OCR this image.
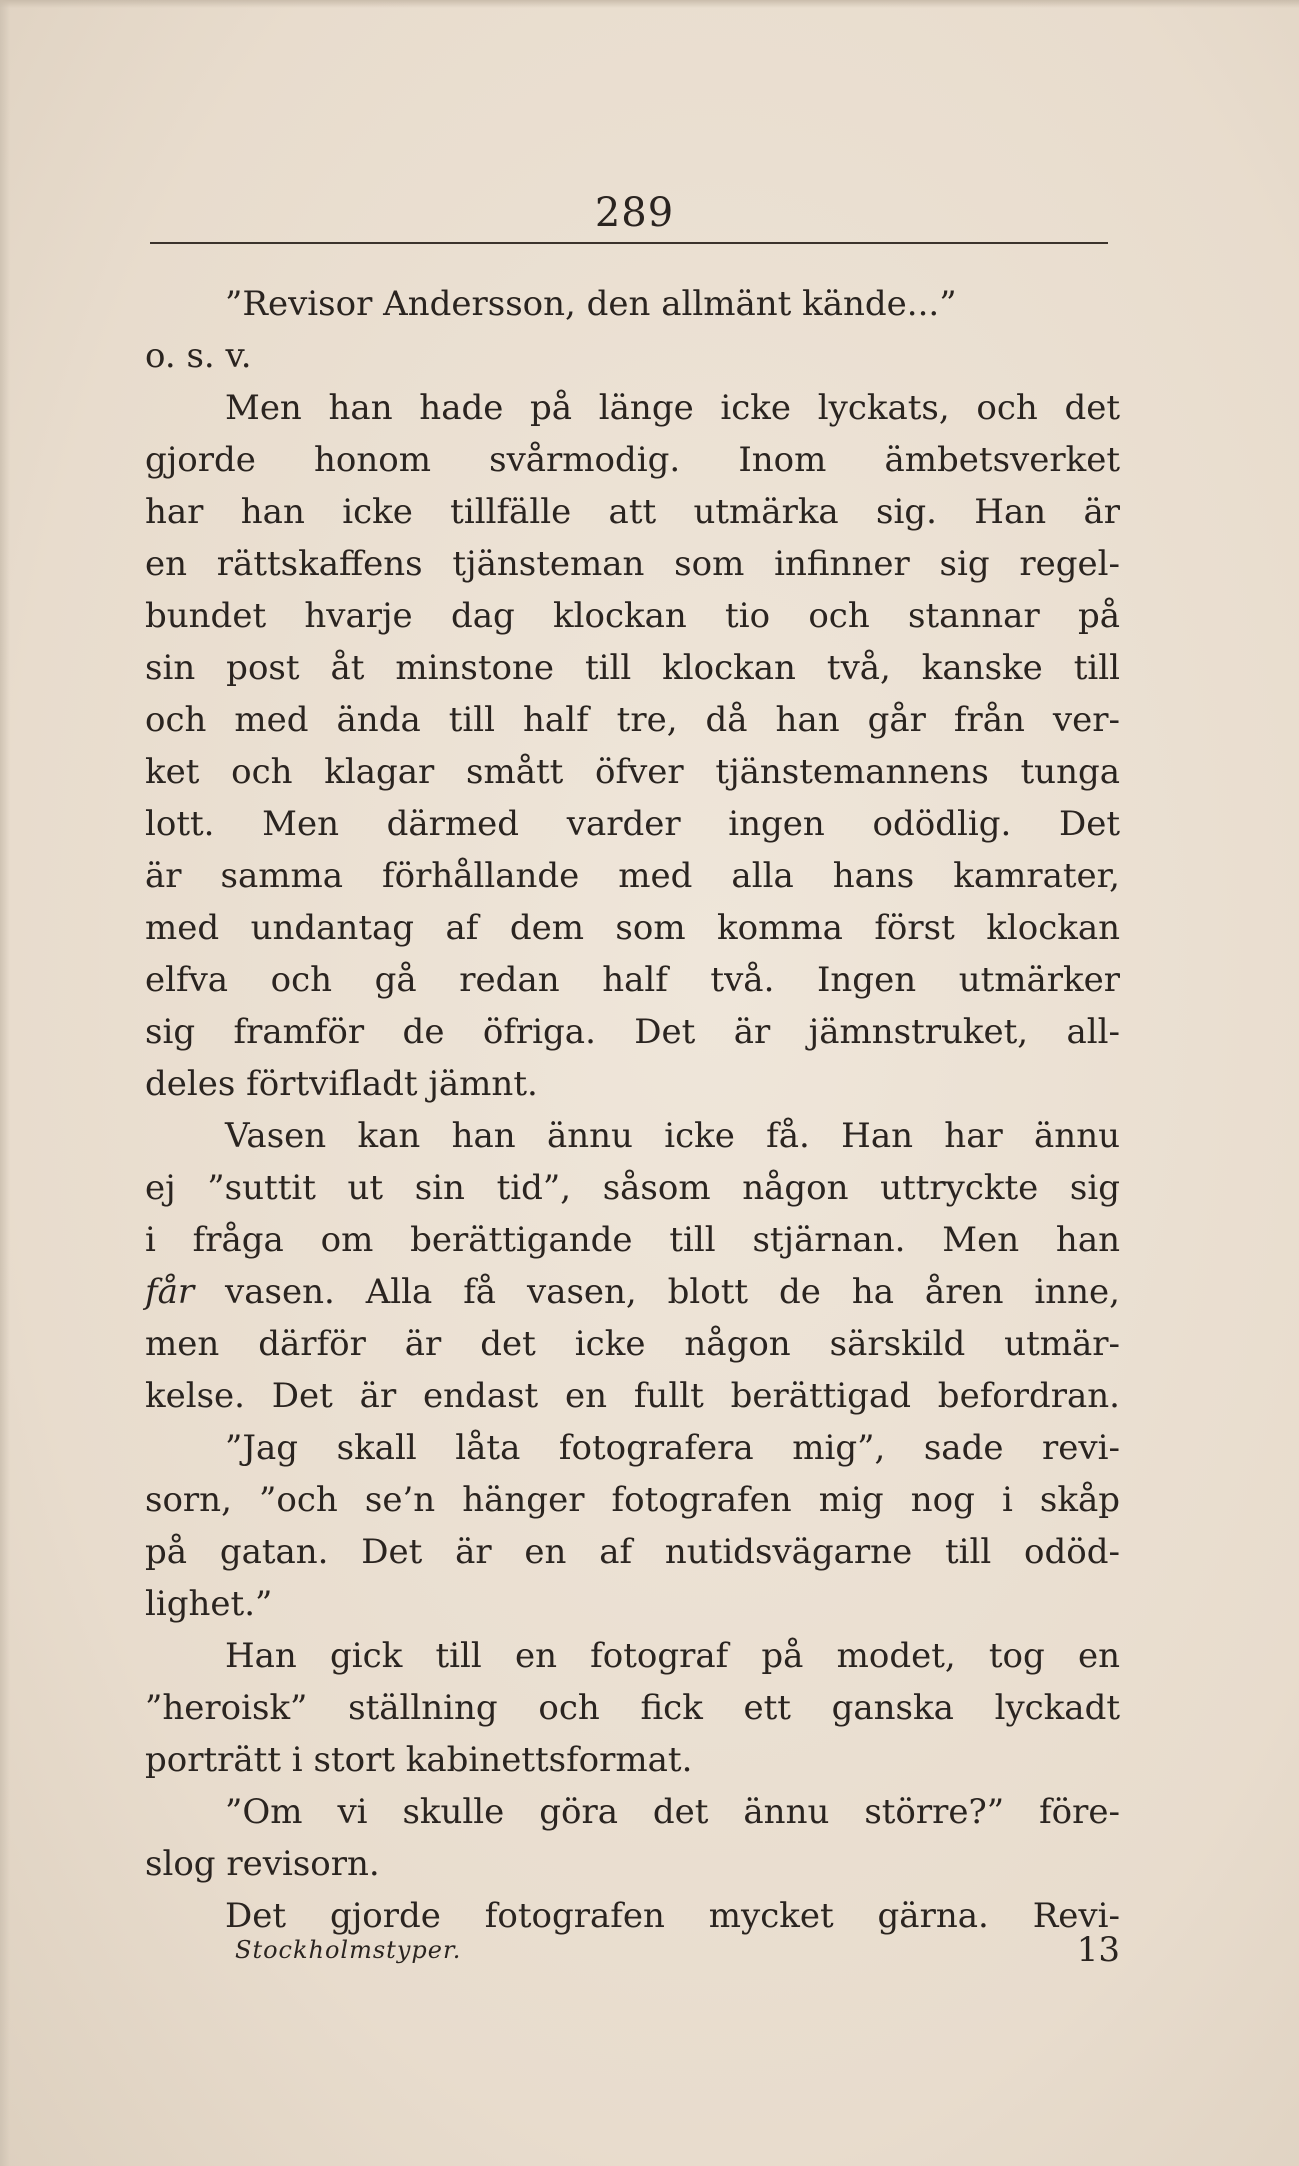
289
”Revisor Andersson, den allmänt kände...”
o. s. v.
Men han hade på länge icke lyckats, och det
gjorde honom svårmodig. Inom ämbetsverket
har han icke tillfälle att utmärka sig. Han är
en rättskaffens tjänsteman som infinner sig regel-
bundet hvarje dag klockan tio och stannar på
sin post åt minstone till klockan två, kanske till
och med ända till half tre, då han går från ver-
ket och klagar smått öfver tjänstemannens tunga
lott. Men därmed varder ingen odödlig. Det
är samma förhållande med alla hans kamrater,
med undantag af dem som komma först klockan
elfva och gå redan half två. Ingen utmärker
sig framför de öfriga. Det är jämnstruket, all-
deles förtvifladt jämnt.
Vasen kan han ännu icke få. Han har ännu
ej ”suttit ut sin tid”, såsom någon uttryckte sig
i fråga om berättigande till stjärnan. Men han
får vasen. Alla få vasen, blott de ha åren inne,
men därför är det icke någon särskild utmär-
kelse. Det är endast en fullt berättigad befordran.
”Jag skall låta fotografera mig”, sade revi-
sorn, ”och se’n hänger fotografen mig nog i skåp
på gatan. Det är en af nutidsvägarne till odöd-
lighet.”
Han gick till en fotograf på modet, tog en
”heroisk” ställning och fick ett ganska lyckadt
porträtt i stort kabinettsformat.
”Om vi skulle göra det ännu större?” före-
slog revisorn.
Det gjorde fotografen mycket gärna. Revi-
Stockholmstyper.	13
